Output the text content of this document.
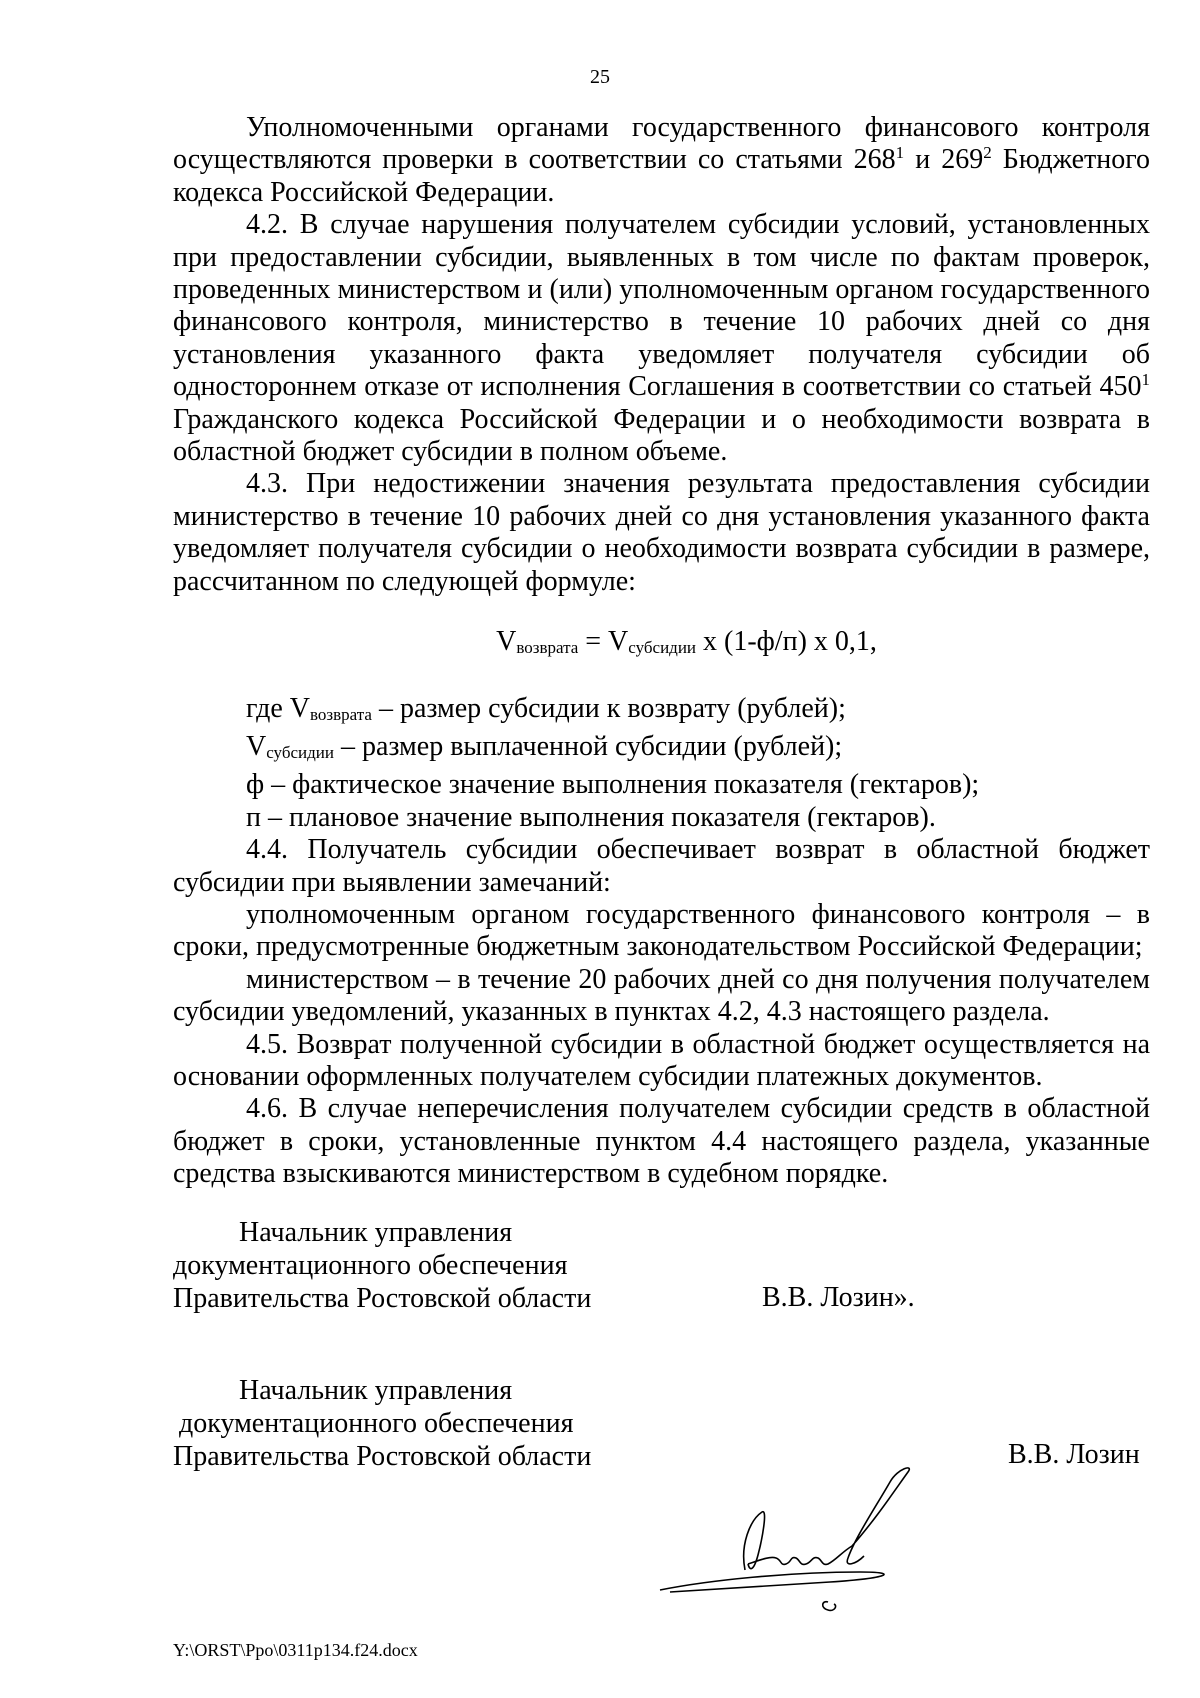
25

Уполномоченными органами государственного финансового контроля осуществляются проверки в соответствии со статьями $268^1$ и $269^2$ Бюджетного кодекса Российской Федерации.

4.2. В случае нарушения получателем субсидии условий, установленных при предоставлении субсидии, выявленных в том числе по фактам проверок, проведенных министерством и (или) уполномоченным органом государственного финансового контроля, министерство в течение 10 рабочих дней со дня установления указанного факта уведомляет получателя субсидии об одностороннем отказе от исполнения Соглашения в соответствии со статьей $450^1$ Гражданского кодекса Российской Федерации и о необходимости возврата в областной бюджет субсидии в полном объеме.

4.3. При недостижении значения результата предоставления субсидии министерство в течение 10 рабочих дней со дня установления указанного факта уведомляет получателя субсидии о необходимости возврата субсидии в размере, рассчитанном по следующей формуле:

$V_{возврата} = V_{субсидии}$ х (1-ф/п) х 0,1,

где $V_{возврата}$ – размер субсидии к возврату (рублей);

$V_{субсидии}$ – размер выплаченной субсидии (рублей);

ф – фактическое значение выполнения показателя (гектаров);

п – плановое значение выполнения показателя (гектаров).

4.4. Получатель субсидии обеспечивает возврат в областной бюджет субсидии при выявлении замечаний:

уполномоченным органом государственного финансового контроля – в сроки, предусмотренные бюджетным законодательством Российской Федерации;

министерством – в течение 20 рабочих дней со дня получения получателем субсидии уведомлений, указанных в пунктах 4.2, 4.3 настоящего раздела.

4.5. Возврат полученной субсидии в областной бюджет осуществляется на основании оформленных получателем субсидии платежных документов.

4.6. В случае неперечисления получателем субсидии средств в областной бюджет в сроки, установленные пунктом 4.4 настоящего раздела, указанные средства взыскиваются министерством в судебном порядке.

Начальник управления
документационного обеспечения
Правительства Ростовской области	В.В. Лозин».
Начальник управления
документационного обеспечения
Правительства Ростовской области	В.В. Лозин
Y:\ORST\Ppo\0311p134.f24.docx
